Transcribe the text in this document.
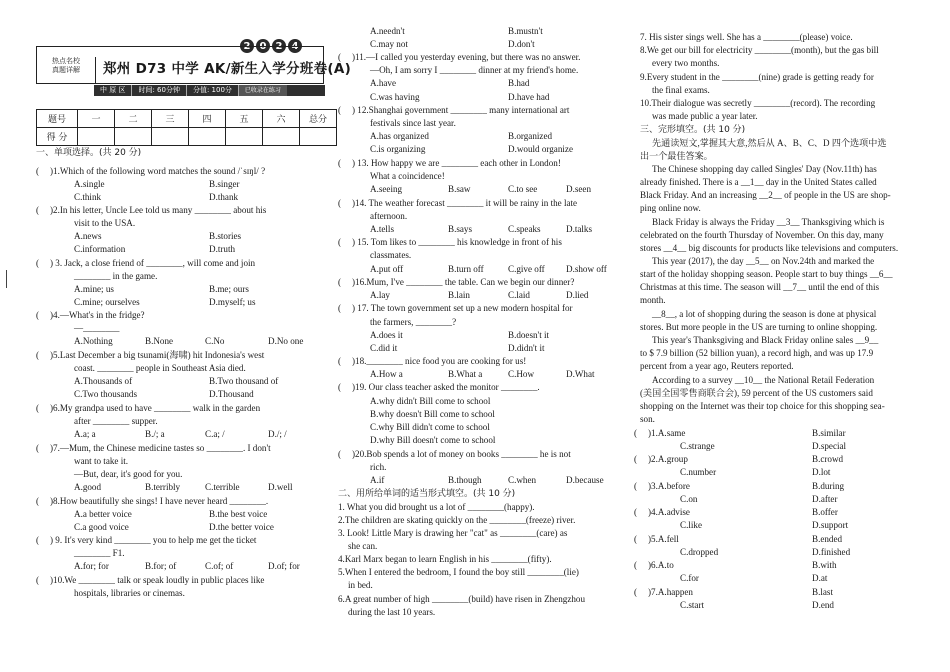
2 0 2 4
热点名校
真题详解	郑州 D73 中学 AK/新生入学分班卷(A)
中 原 区	时间: 60分钟	分值: 100分	已收录在练习
题号	一	二	三	四	五	六	总分
得 分							
一、单项选择。(共 20 分)
( )1.Which of the following word matches the sound /ˈsɪŋl/ ?
A.single	B.singer
C.think	D.thank
( )2.In his letter, Uncle Lee told us many ________ about his
visit to the USA.
A.news	B.stories
C.information	D.truth
( ) 3. Jack, a close friend of ________, will come and join
________ in the game.
A.mine; us	B.me; ours
C.mine; ourselves	D.myself; us
( )4.—What's in the fridge?
—________
A.Nothing	B.None	C.No	D.No one
( )5.Last December a big tsunami(海啸) hit Indonesia's west
coast. ________ people in Southeast Asia died.
A.Thousands of	B.Two thousand of
C.Two thousands	D.Thousand
( )6.My grandpa used to have ________ walk in the garden
after ________ supper.
A.a; a	B./; a	C.a; /	D./; /
( )7.—Mum, the Chinese medicine tastes so ________. I don't
want to take it.
—But, dear, it's good for you.
A.good	B.terribly	C.terrible	D.well
( )8.How beautifully she sings! I have never heard ________.
A.a better voice	B.the best voice
C.a good voice	D.the better voice
( ) 9. It's very kind ________ you to help me get the ticket
________ F1.
A.for; for	B.for; of	C.of; of	D.of; for
( )10.We ________ talk or speak loudly in public places like
hospitals, libraries or cinemas.
A.needn't	B.mustn't
C.may not	D.don't
( )11.—I called you yesterday evening, but there was no answer.
—Oh, I am sorry I ________ dinner at my friend's home.
A.have	B.had
C.was having	D.have had
( ) 12.Shanghai government ________ many international art
festivals since last year.
A.has organized	B.organized
C.is organizing	D.would organize
( ) 13. How happy we are ________ each other in London!
What a coincidence!
A.seeing	B.saw	C.to see	D.seen
( )14. The weather forecast ________ it will be rainy in the late
afternoon.
A.tells	B.says	C.speaks	D.talks
( ) 15. Tom likes to ________ his knowledge in front of his
classmates.
A.put off	B.turn off	C.give off D.show off
( )16.Mum, I've ________ the table. Can we begin our dinner?
A.lay	B.lain	C.laid	D.lied
( ) 17. The town government set up a new modern hospital for
the farmers, ________?
A.does it	B.doesn't it
C.did it	D.didn't it
( )18.________ nice food you are cooking for us!
A.How a	B.What a	C.How	D.What
( )19. Our class teacher asked the monitor ________.
A.why didn't Bill come to school
B.why doesn't Bill come to school
C.why Bill didn't come to school
D.why Bill doesn't come to school
( )20.Bob spends a lot of money on books ________ he is not
rich.
A.if	B.though	C.when	D.because
二、用所给单词的适当形式填空。(共 10 分)
1. What you did brought us a lot of ________(happy).
2.The children are skating quickly on the ________(freeze) river.
3. Look! Little Mary is drawing her "cat" as ________(care) as
she can.
4.Karl Marx began to learn English in his ________(fifty).
5.When I entered the bedroom, I found the boy still ________(lie)
in bed.
6.A great number of high ________(build) have risen in Zhengzhou
during the last 10 years.
7. His sister sings well. She has a ________(please) voice.
8.We get our bill for electricity ________(month), but the gas bill
every two months.
9.Every student in the ________(nine) grade is getting ready for
the final exams.
10.Their dialogue was secretly ________(record). The recording
was made public a year later.
三、完形填空。(共 10 分)
先通读短文,掌握其大意,然后从 A、B、C、D 四个选项中选
出一个最佳答案。
The Chinese shopping day called Singles' Day (Nov.11th) has
already finished. There is a __1__ day in the United States called
Black Friday. And an increasing __2__ of people in the US are shop-
ping online now.
Black Friday is always the Friday __3__ Thanksgiving which is
celebrated on the fourth Thursday of November. On this day, many
stores __4__ big discounts for products like televisions and computers.
This year (2017), the day __5__ on Nov.24th and marked the
start of the holiday shopping season. People start to buy things __6__
Christmas at this time. The season will __7__ until the end of this
month.
__8__, a lot of shopping during the season is done at physical
stores. But more people in the US are turning to online shopping.
This year's Thanksgiving and Black Friday online sales __9__
to $ 7.9 billion (52 billion yuan), a record high, and was up 17.9
percent from a year ago, Reuters reported.
According to a survey __10__ the National Retail Federation
(美国全国零售商联合会), 59 percent of the US customers said
shopping on the Internet was their top choice for this shopping sea-
son.
( )1.A.same	B.similar
C.strange	D.special
( )2.A.group	B.crowd
C.number	D.lot
( )3.A.before	B.during
C.on	D.after
( )4.A.advise	B.offer
C.like	D.support
( )5.A.fell	B.ended
C.dropped	D.finished
( )6.A.to	B.with
C.for	D.at
( )7.A.happen	B.last
C.start	D.end
